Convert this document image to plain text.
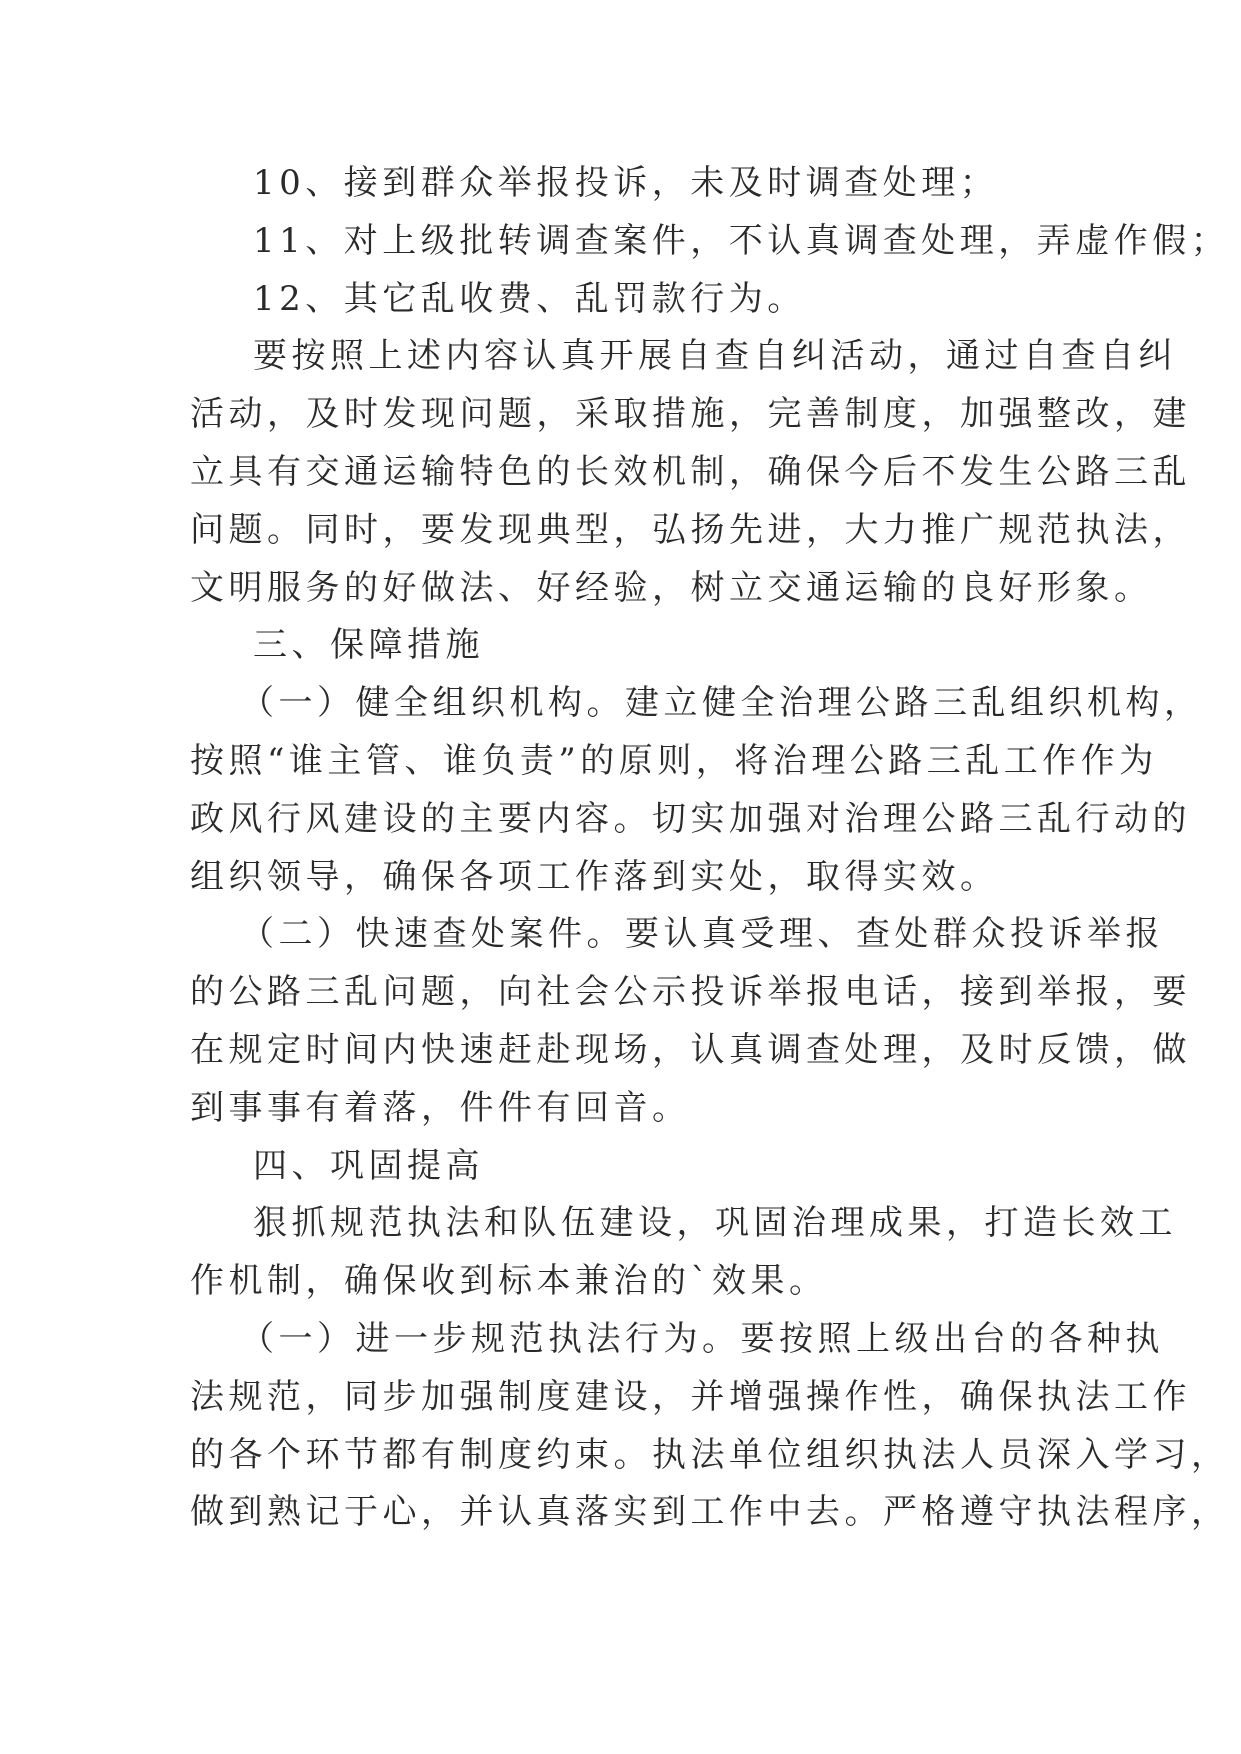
10、接到群众举报投诉，未及时调查处理；
11、对上级批转调查案件，不认真调查处理，弄虚作假；
12、其它乱收费、乱罚款行为。
要按照上述内容认真开展自查自纠活动，通过自查自纠
活动，及时发现问题，采取措施，完善制度，加强整改，建
立具有交通运输特色的长效机制，确保今后不发生公路三乱
问题。同时，要发现典型，弘扬先进，大力推广规范执法，
文明服务的好做法、好经验，树立交通运输的良好形象。
三、保障措施
（一）健全组织机构。建立健全治理公路三乱组织机构，
按照“谁主管、谁负责”的原则，将治理公路三乱工作作为
政风行风建设的主要内容。切实加强对治理公路三乱行动的
组织领导，确保各项工作落到实处，取得实效。
（二）快速查处案件。要认真受理、查处群众投诉举报
的公路三乱问题，向社会公示投诉举报电话，接到举报，要
在规定时间内快速赶赴现场，认真调查处理，及时反馈，做
到事事有着落，件件有回音。
四、巩固提高
狠抓规范执法和队伍建设，巩固治理成果，打造长效工
作机制，确保收到标本兼治的`效果。
（一）进一步规范执法行为。要按照上级出台的各种执
法规范，同步加强制度建设，并增强操作性，确保执法工作
的各个环节都有制度约束。执法单位组织执法人员深入学习，
做到熟记于心，并认真落实到工作中去。严格遵守执法程序，
